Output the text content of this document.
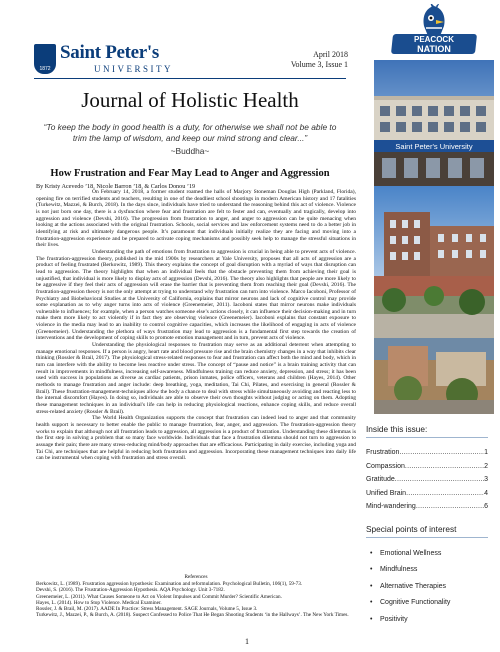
1872
Saint Peter's
UNIVERSITY
April 2018
Volume 3, Issue 1
Journal of Holistic Health
“To keep the body in good health is a duty, for otherwise we shall not be able to trim the lamp of wisdom, and keep our mind strong and clear...”
~Buddha~
How Frustration and Fear May Lead to Anger and Aggression
By Kristy Acevedo ’18, Nicole Barron ’18, & Carlos Donou ’19

On February 14, 2018, a former student roamed the halls of Marjory Stoneman Douglas High (Parkland, Florida), opening fire on terrified students and teachers, resulting in one of the deadliest school shootings in modern American history and 17 fatalities (Turkewitz, Mazzei, & Burch, 2018). In the days since, individuals have tried to understand the reasoning behind this act of violence. Violence is not just born one day, there is a dysfunction where fear and frustration are felt to fester and can, eventually and tragically, develop into aggression and violence (Devshi, 2016). The progression from frustration to anger, and anger to aggression can be quite menacing when looking at the actions associated with the original frustration. Schools, social services and law enforcement systems need to do a better job in identifying at risk and ultimately dangerous people. It’s paramount that individuals initially realize they are facing and moving into a frustration-aggression experience and be prepared to activate coping mechanisms and possibly seek help to manage the stressful situations in their lives.

Understanding the path of emotions from frustration to aggression is crucial in being able to prevent acts of violence. The frustration-aggression theory, published in the mid 1900s by researchers at Yale University, proposes that all acts of aggression are a product of feeling frustrated (Berkowitz, 1989). This theory explains the concept of goal disruption with a myriad of ways that disruption can lead to aggression. The theory highlights that when an individual feels that the obstacle preventing them from achieving their goal is unjustified, that individual is more likely to display acts of aggression (Devshi, 2016). The theory also highlights that people are more likely to be aggressive if they feel their acts of aggression will erase the barrier that is preventing them from reaching their goal (Devshi, 2016). The frustration-aggression theory is not the only attempt at trying to understand why frustration can turn into violence. Marco Iacoboni, Professor of Psychiatry and Biobehavioral Studies at the University of California, explains that mirror neurons and lack of cognitive control may provide some explanation as to why anger turns into acts of violence (Greenemeier, 2011). Iacoboni states that mirror neurons make individuals vulnerable to influences; for example, when a person watches someone else’s actions closely, it can influence their decision-making and in turn make them more likely to act violently if in fact they are observing violence (Greenemeier). Iacoboni explains that constant exposure to violence in the media may lead to an inability to control cognitive capacities, which increases the likelihood of engaging in acts of violence (Greenemeier). Understanding the plethora of ways frustration may lead to aggression is a fundamental first step towards the creation of interventions and the development of coping skills to promote emotion management and in turn, prevent acts of violence.

Understanding the physiological responses to frustration may serve as an additional deterrent when attempting to manage emotional responses. If a person is angry, heart rate and blood pressure rise and the brain chemistry changes in a way that inhibits clear thinking (Rossler & Brail, 2017). The physiological stress-related responses to fear and frustration can affect both the mind and body, which in turn can interfere with the ability to become less reactive under stress. The concept of “pause and notice” is a brain training activity that can result in improvements in mindfulness, increasing self-awareness. Mindfulness training can reduce anxiety, depression, and stress; it has been used with success in populations as diverse as cardiac patients, prison inmates, police officers, veterans and children (Hayes, 2014). Other methods to manage frustration and anger include: deep breathing, yoga, meditation, Tai Chi, Pilates, and exercising in general (Rossler & Brail). These frustration-management-techniques allow the body a chance to deal with stress while simultaneously avoiding and reacting less to the internal discomfort (Hayes). In doing so, individuals are able to observe their own thoughts without judging or acting on them. Adopting these management techniques in an individual's life can help in reducing physiological reactions, enhance coping skills, and reduce overall stress-related anxiety (Rossler & Brail).

The World Health Organization supports the concept that frustration can indeed lead to anger and that community health support is necessary to better enable the public to manage frustration, fear, anger, and aggression. The frustration-aggression theory works to explain that although not all frustration leads to aggression, all aggression is a product of frustration. Understanding these dilemmas is the first step in solving a problem that so many face worldwide. Individuals that face a frustration dilemma should not turn to aggression to assuage their pain; there are many stress-reducing mind/body approaches that are efficacious. Participating in daily exercise, including yoga and Tai Chi, are techniques that are helpful in reducing both frustration and aggression. Incorporating these management techniques into daily life can be instrumental when coping with frustration and stress overall.

References
Berkowitz, L. (1989). Frustration aggression hypothesis: Examination and reformulation. Psychological Bulletin, 106(1), 59-73.
Devshi, S. (2016). The Frustration-Aggression Hypothesis. AQA Psychology. Unit 3-7182.
Greenemeier, L. (2011). What Causes Someone to Act on Violent Impulses and Commit Murder? Scientific American.
Hayes, L. (2014). How to Stop Violence. Medical Examiner.
Rossler, J. & Brail, M. (2017). AADE In Practice: Stress Management. SAGE Journals, Volume 5, Issue 3.
Turkewitz, J., Mazzei, P., & Burch, A. (2018). Suspect Confessed to Police That He Began Shooting Students ‘in the Hallways’. The New York Times.
1
PEACOCK
NATION
Saint Peter's University
Inside this issue:
Frustration .....	1
Compassion .....	2
Gratitude .....	3
Unified Brain .....	4
Mind-wandering .....	6
Special points of interest
• Emotional Wellness
• Mindfulness
• Alternative Therapies
• Cognitive Functionality
• Positivity
